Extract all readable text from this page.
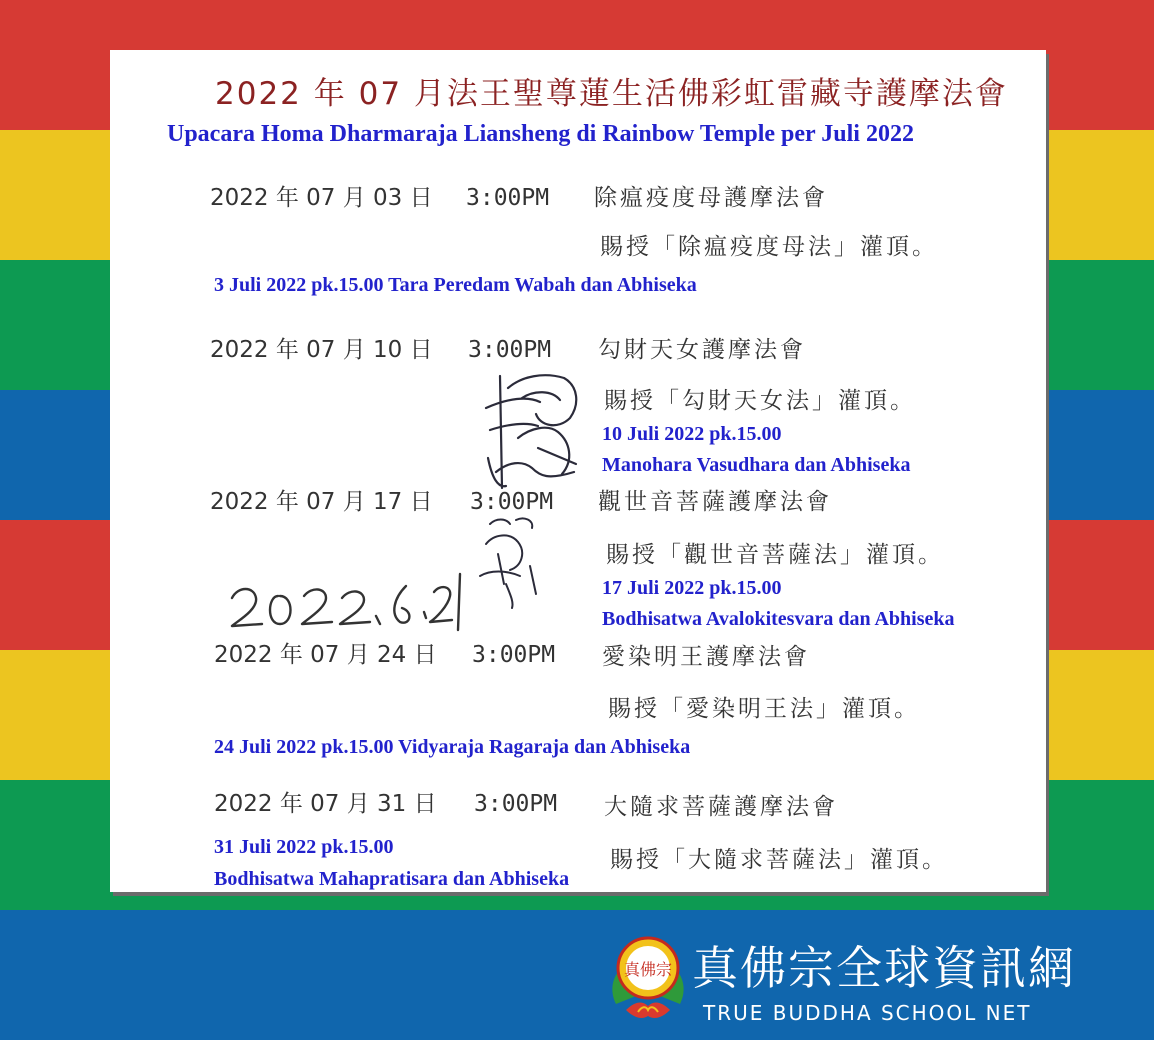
2022 年 07 月法王聖尊蓮生活佛彩虹雷藏寺護摩法會
Upacara Homa Dharmaraja Liansheng di Rainbow Temple per Juli 2022
2022 年 07 月 03 日 3:00PM 除瘟疫度母護摩法會
賜授「除瘟疫度母法」灌頂。
3 Juli 2022 pk.15.00 Tara Peredam Wabah dan Abhiseka
2022 年 07 月 10 日 3:00PM 勾財天女護摩法會
賜授「勾財天女法」灌頂。
10 Juli 2022 pk.15.00
Manohara Vasudhara dan Abhiseka
2022 年 07 月 17 日 3:00PM 觀世音菩薩護摩法會
賜授「觀世音菩薩法」灌頂。
17 Juli 2022 pk.15.00
Bodhisatwa Avalokitesvara dan Abhiseka
2022 年 07 月 24 日 3:00PM 愛染明王護摩法會
賜授「愛染明王法」灌頂。
24 Juli 2022 pk.15.00 Vidyaraja Ragaraja dan Abhiseka
2022 年 07 月 31 日 3:00PM 大隨求菩薩護摩法會
賜授「大隨求菩薩法」灌頂。
31 Juli 2022 pk.15.00
Bodhisatwa Mahapratisara dan Abhiseka
真佛宗 真佛宗全球資訊網
TRUE BUDDHA SCHOOL NET
